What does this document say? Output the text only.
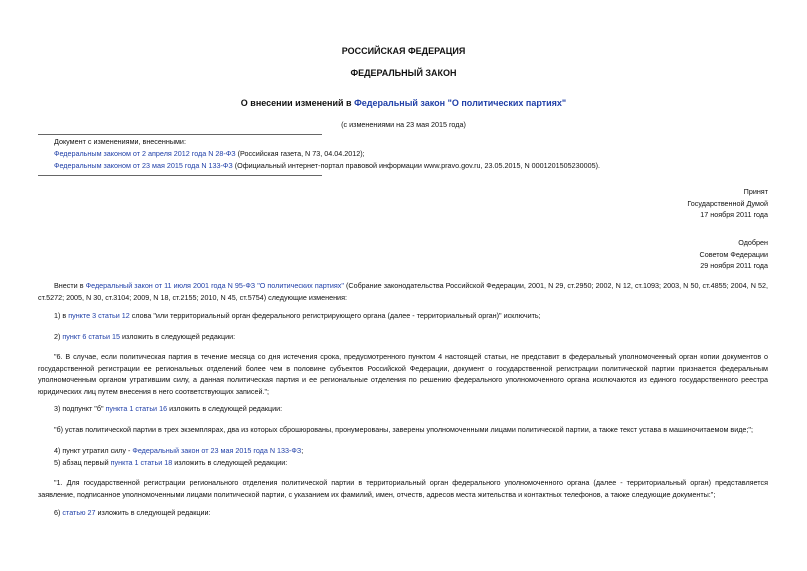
РОССИЙСКАЯ ФЕДЕРАЦИЯ
ФЕДЕРАЛЬНЫЙ ЗАКОН
О внесении изменений в Федеральный закон "О политических партиях"
(с изменениями на 23 мая 2015 года)
Документ с изменениями, внесенными:
Федеральным законом от 2 апреля 2012 года N 28-ФЗ (Российская газета, N 73, 04.04.2012);
Федеральным законом от 23 мая 2015 года N 133-ФЗ (Официальный интернет-портал правовой информации www.pravo.gov.ru, 23.05.2015, N 0001201505230005).
Принят
Государственной Думой
17 ноября 2011 года
Одобрен
Советом Федерации
29 ноября 2011 года
Внести в Федеральный закон от 11 июля 2001 года N 95-ФЗ "О политических партиях" (Собрание законодательства Российской Федерации, 2001, N 29, ст.2950; 2002, N 12, ст.1093; 2003, N 50, ст.4855; 2004, N 52, ст.5272; 2005, N 30, ст.3104; 2009, N 18, ст.2155; 2010, N 45, ст.5754) следующие изменения:
1) в пункте 3 статьи 12 слова "или территориальный орган федерального регистрирующего органа (далее - территориальный орган)" исключить;
2) пункт 6 статьи 15 изложить в следующей редакции:
"6. В случае, если политическая партия в течение месяца со дня истечения срока, предусмотренного пунктом 4 настоящей статьи, не представит в федеральный уполномоченный орган копии документов о государственной регистрации ее региональных отделений более чем в половине субъектов Российской Федерации, документ о государственной регистрации политической партии признается федеральным уполномоченным органом утратившим силу, а данная политическая партия и ее региональные отделения по решению федерального уполномоченного органа исключаются из единого государственного реестра юридических лиц путем внесения в него соответствующих записей.";
3) подпункт "б" пункта 1 статьи 16 изложить в следующей редакции:
"б) устав политической партии в трех экземплярах, два из которых сброшюрованы, пронумерованы, заверены уполномоченными лицами политической партии, а также текст устава в машиночитаемом виде;";
4) пункт утратил силу - Федеральный закон от 23 мая 2015 года N 133-ФЗ;
5) абзац первый пункта 1 статьи 18 изложить в следующей редакции:
"1. Для государственной регистрации регионального отделения политической партии в территориальный орган федерального уполномоченного органа (далее - территориальный орган) представляется заявление, подписанное уполномоченными лицами политической партии, с указанием их фамилий, имен, отчеств, адресов места жительства и контактных телефонов, а также следующие документы:";
6) статью 27 изложить в следующей редакции:
